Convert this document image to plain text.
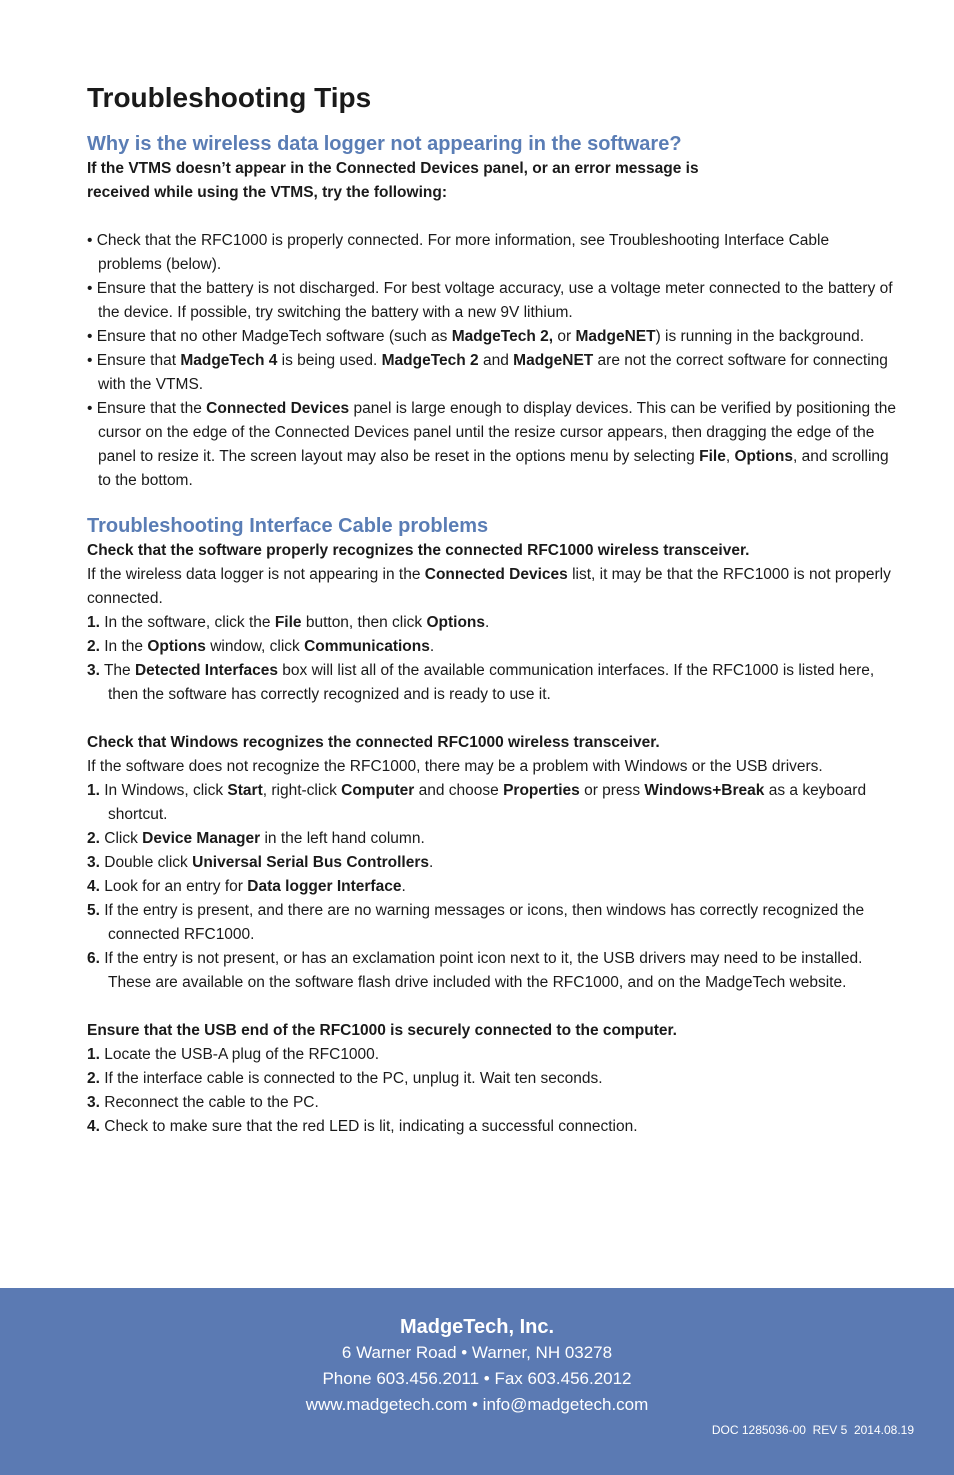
Troubleshooting Tips
Why is the wireless data logger not appearing in the software?

If the VTMS doesn’t appear in the Connected Devices panel, or an error message is
received while using the VTMS, try the following:

• Check that the RFC1000 is properly connected. For more information, see Troubleshooting Interface Cable problems (below).
• Ensure that the battery is not discharged. For best voltage accuracy, use a voltage meter connected to the battery of the device. If possible, try switching the battery with a new 9V lithium.
• Ensure that no other MadgeTech software (such as MadgeTech 2, or MadgeNET) is running in the background.
• Ensure that MadgeTech 4 is being used. MadgeTech 2 and MadgeNET are not the correct software for connecting with the VTMS.
• Ensure that the Connected Devices panel is large enough to display devices. This can be verified by positioning the cursor on the edge of the Connected Devices panel until the resize cursor appears, then dragging the edge of the panel to resize it. The screen layout may also be reset in the options menu by selecting File, Options, and scrolling to the bottom.
Troubleshooting Interface Cable problems

Check that the software properly recognizes the connected RFC1000 wireless transceiver.

If the wireless data logger is not appearing in the Connected Devices list, it may be that the RFC1000 is not properly connected.

1. In the software, click the File button, then click Options.
2. In the Options window, click Communications.
3. The Detected Interfaces box will list all of the available communication interfaces. If the RFC1000 is listed here, then the software has correctly recognized and is ready to use it.

Check that Windows recognizes the connected RFC1000 wireless transceiver.

If the software does not recognize the RFC1000, there may be a problem with Windows or the USB drivers.

1. In Windows, click Start, right-click Computer and choose Properties or press Windows+Break as a keyboard shortcut.
2. Click Device Manager in the left hand column.
3. Double click Universal Serial Bus Controllers.
4. Look for an entry for Data logger Interface.
5. If the entry is present, and there are no warning messages or icons, then windows has correctly recognized the connected RFC1000.
6. If the entry is not present, or has an exclamation point icon next to it, the USB drivers may need to be installed. These are available on the software flash drive included with the RFC1000, and on the MadgeTech website.

Ensure that the USB end of the RFC1000 is securely connected to the computer.

1. Locate the USB-A plug of the RFC1000.
2. If the interface cable is connected to the PC, unplug it. Wait ten seconds.
3. Reconnect the cable to the PC.
4. Check to make sure that the red LED is lit, indicating a successful connection.
MadgeTech, Inc.
6 Warner Road • Warner, NH 03278
Phone 603.456.2011 • Fax 603.456.2012
www.madgetech.com • info@madgetech.com
DOC 1285036-00  REV 5  2014.08.19
